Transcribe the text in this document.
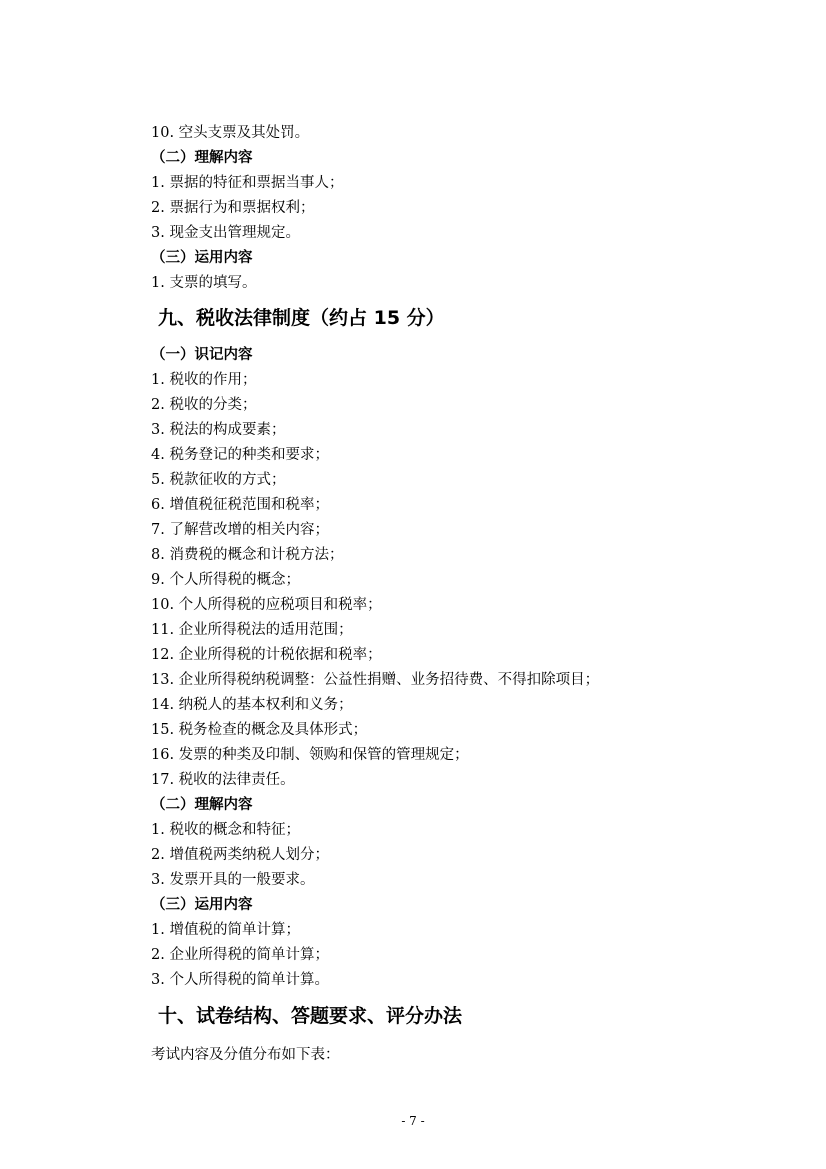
10. 空头支票及其处罚。
（二）理解内容
1. 票据的特征和票据当事人；
2. 票据行为和票据权利；
3. 现金支出管理规定。
（三）运用内容
1. 支票的填写。
九、税收法律制度（约占 15 分）
（一）识记内容
1. 税收的作用；
2. 税收的分类；
3. 税法的构成要素；
4. 税务登记的种类和要求；
5. 税款征收的方式；
6. 增值税征税范围和税率；
7. 了解营改增的相关内容；
8. 消费税的概念和计税方法；
9. 个人所得税的概念；
10. 个人所得税的应税项目和税率；
11. 企业所得税法的适用范围；
12. 企业所得税的计税依据和税率；
13. 企业所得税纳税调整：公益性捐赠、业务招待费、不得扣除项目；
14. 纳税人的基本权利和义务；
15. 税务检查的概念及具体形式；
16. 发票的种类及印制、领购和保管的管理规定；
17. 税收的法律责任。
（二）理解内容
1. 税收的概念和特征；
2. 增值税两类纳税人划分；
3. 发票开具的一般要求。
（三）运用内容
1. 增值税的简单计算；
2. 企业所得税的简单计算；
3. 个人所得税的简单计算。
十、试卷结构、答题要求、评分办法
考试内容及分值分布如下表：
- 7 -
